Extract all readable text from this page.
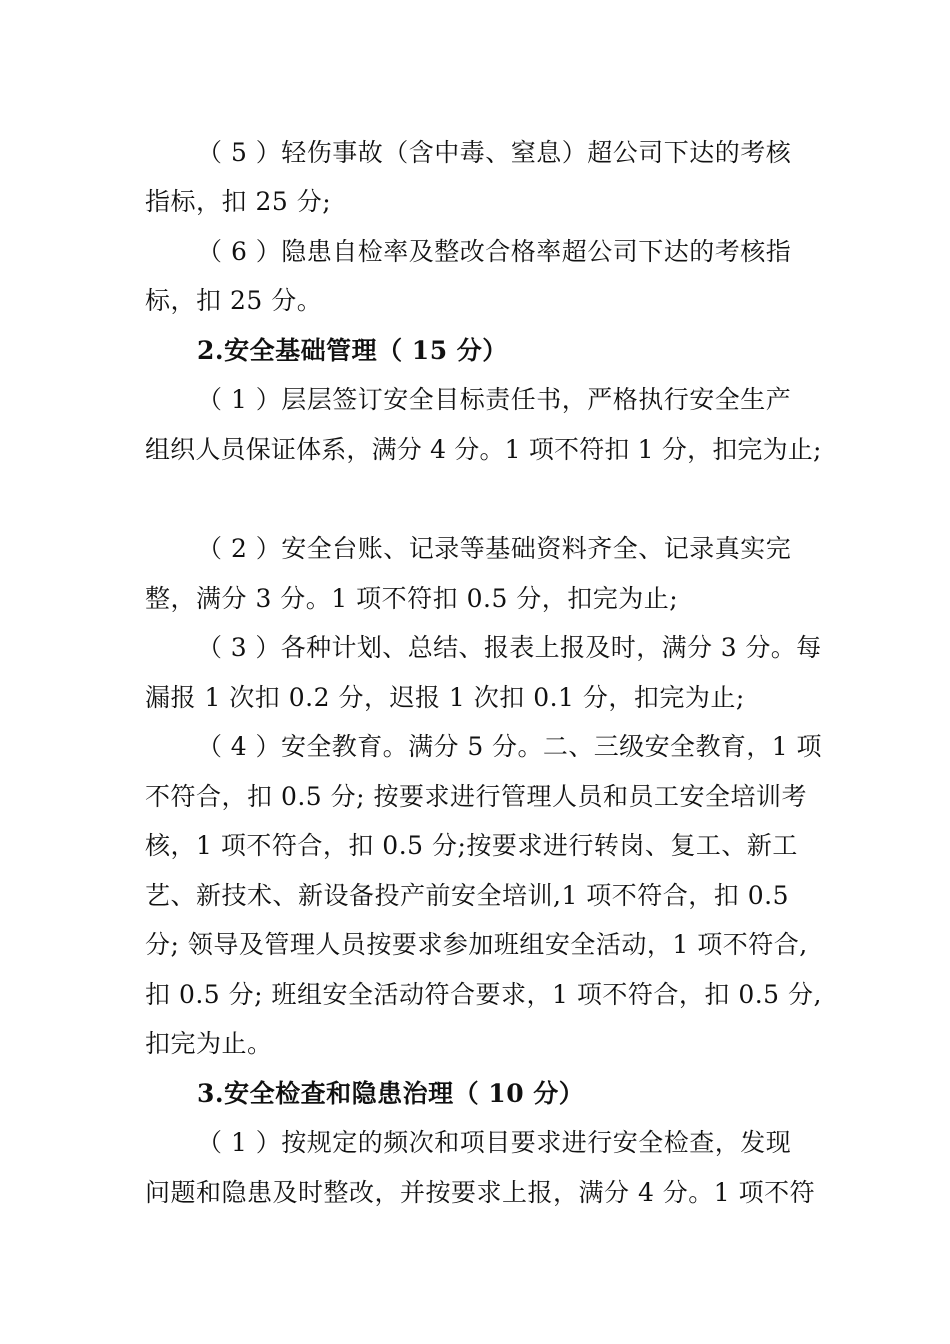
（ 5 ）轻伤事故（含中毒、窒息）超公司下达的考核
指标，扣 25 分;
（ 6 ）隐患自检率及整改合格率超公司下达的考核指
标，扣 25 分。
2.安全基础管理（ 15 分）
（ 1 ）层层签订安全目标责任书，严格执行安全生产
组织人员保证体系，满分 4 分。1 项不符扣 1 分，扣完为止;
（ 2 ）安全台账、记录等基础资料齐全、记录真实完
整，满分 3 分。1 项不符扣 0.5 分，扣完为止;
（ 3 ）各种计划、总结、报表上报及时，满分 3 分。每
漏报 1 次扣 0.2 分，迟报 1 次扣 0.1 分，扣完为止;
（ 4 ）安全教育。满分 5 分。二、三级安全教育，1 项
不符合，扣 0.5 分; 按要求进行管理人员和员工安全培训考
核，1 项不符合，扣 0.5 分;按要求进行转岗、复工、新工
艺、新技术、新设备投产前安全培训,1 项不符合，扣 0.5
分; 领导及管理人员按要求参加班组安全活动，1 项不符合,
扣 0.5 分; 班组安全活动符合要求，1 项不符合，扣 0.5 分,
扣完为止。
3.安全检查和隐患治理（ 10 分）
（ 1 ）按规定的频次和项目要求进行安全检查，发现
问题和隐患及时整改，并按要求上报，满分 4 分。1 项不符
